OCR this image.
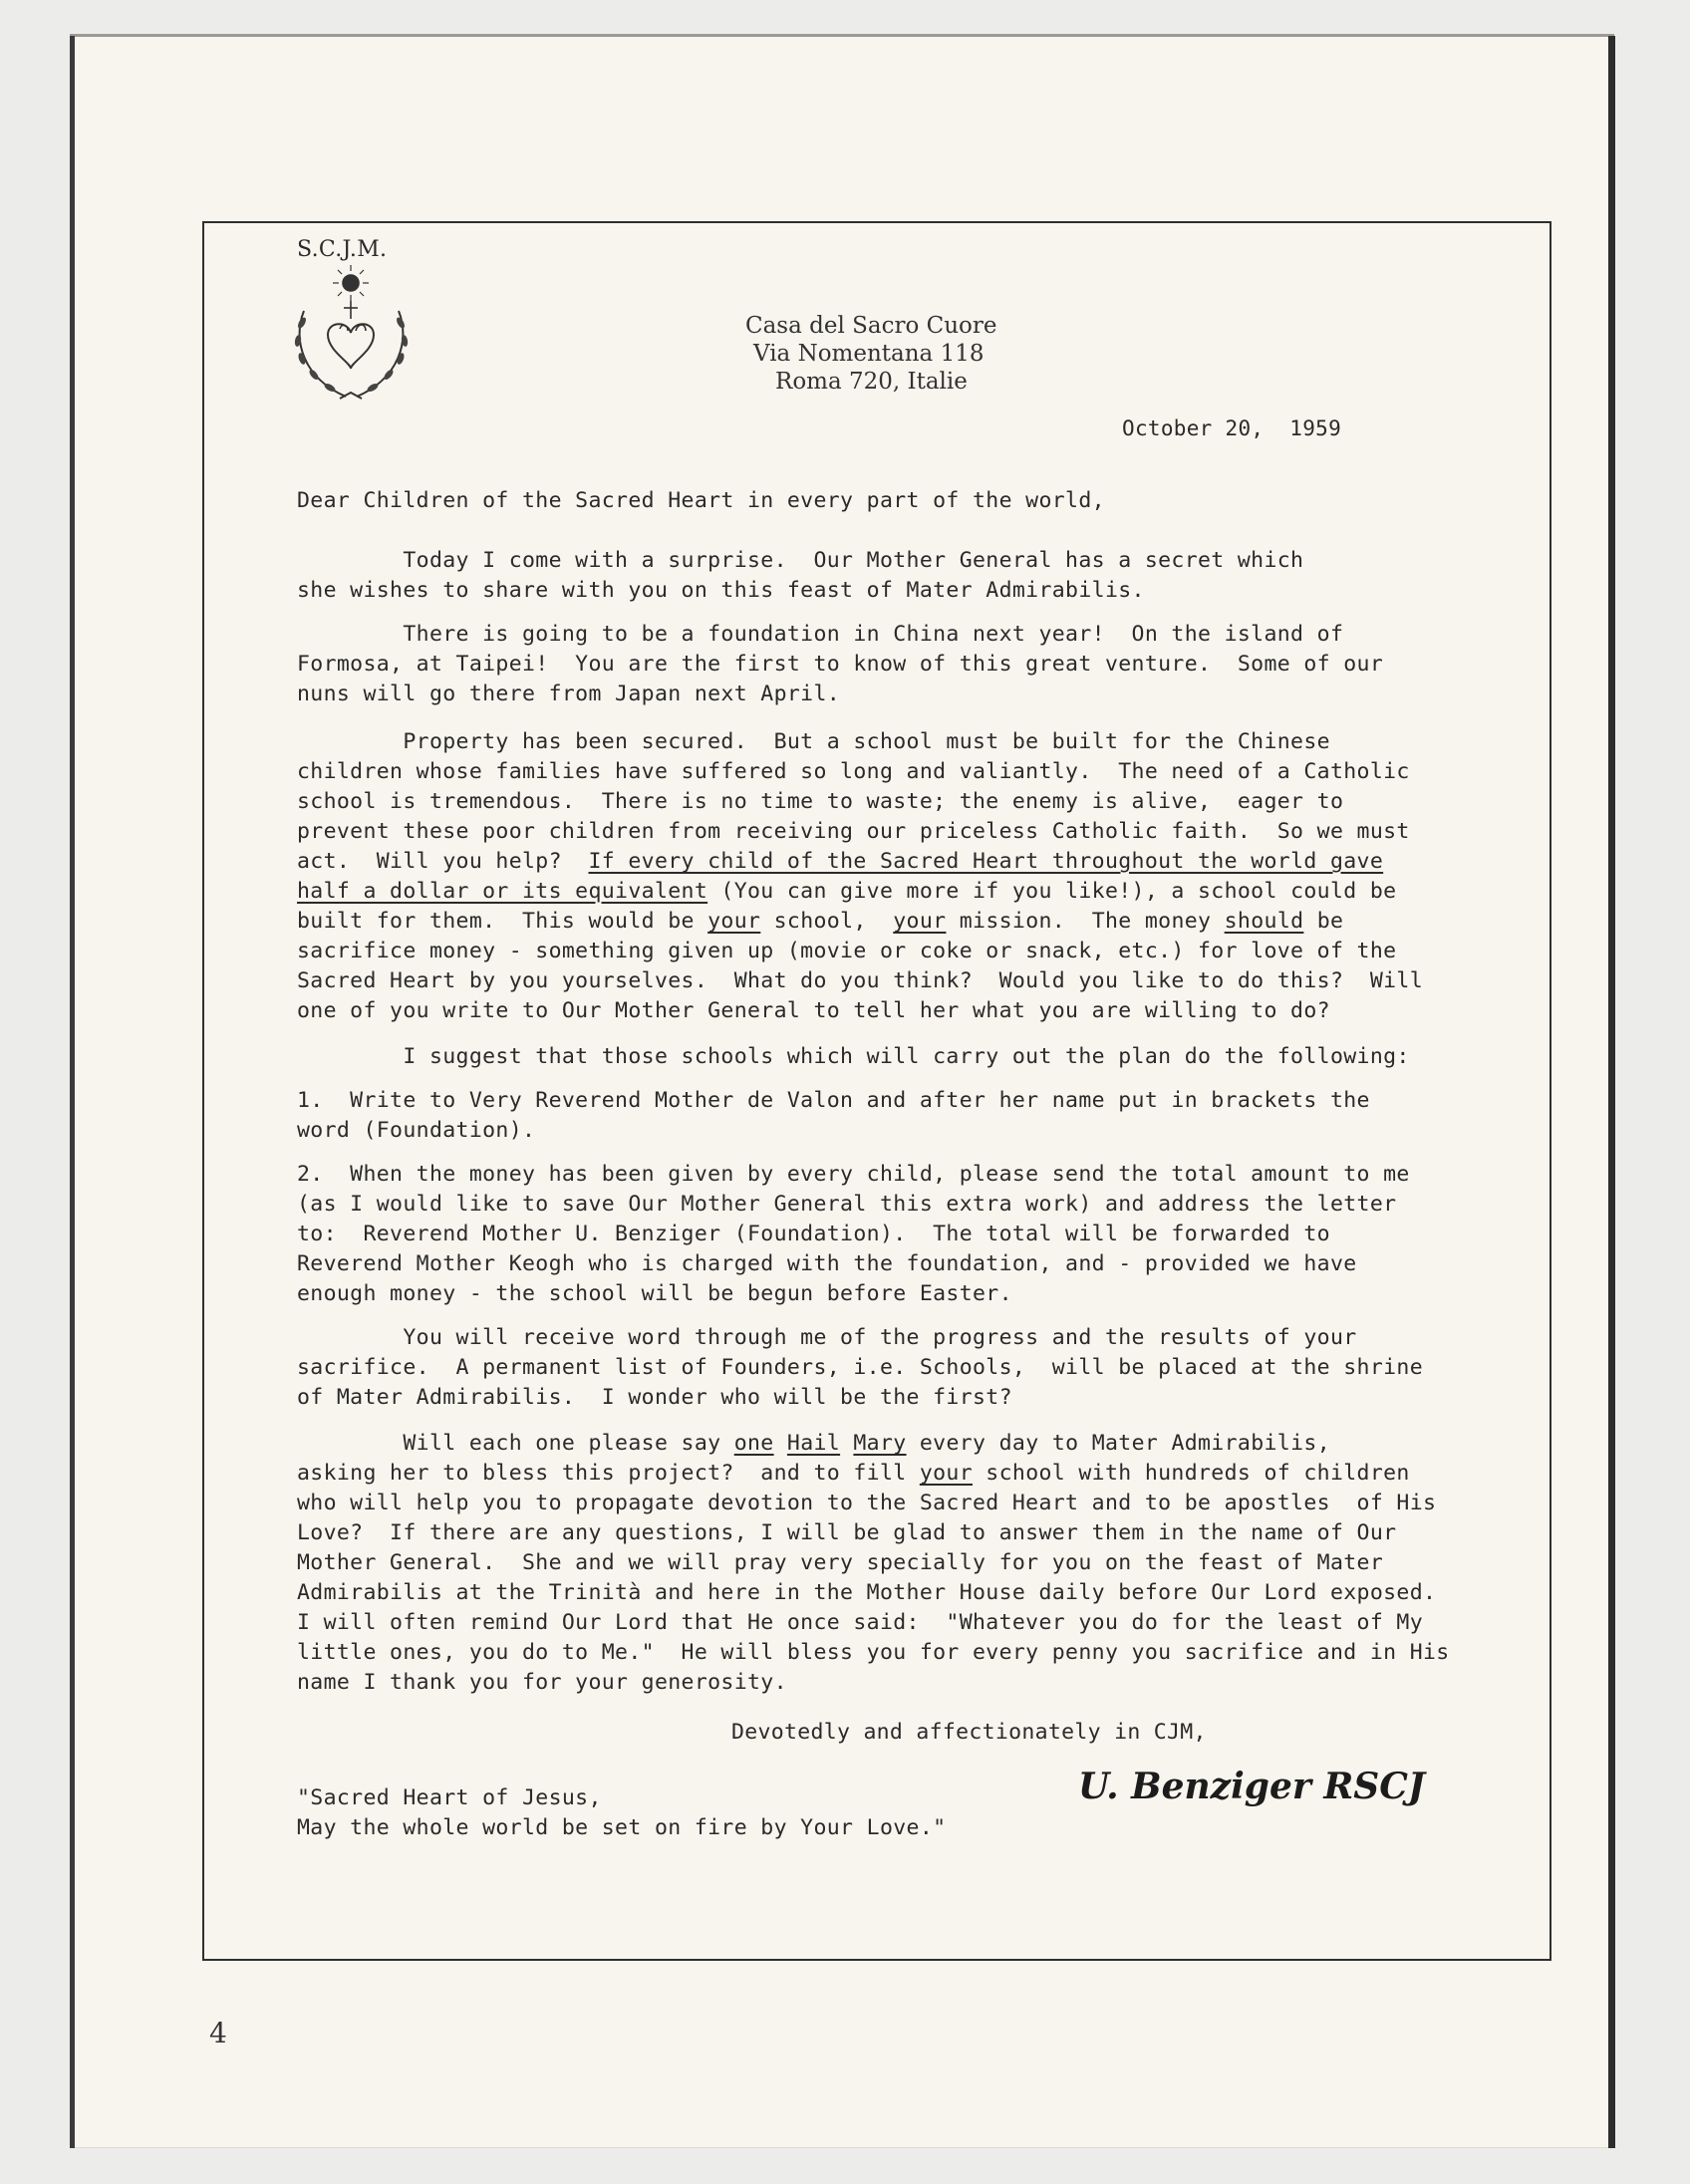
S.C.J.M.

Casa del Sacro Cuore

Via Nomentana 118

Roma 720, Italie

October 20,  1959

Dear Children of the Sacred Heart in every part of the world,

Today I come with a surprise.  Our Mother General has a secret which

she wishes to share with you on this feast of Mater Admirabilis.

There is going to be a foundation in China next year!  On the island of

Formosa, at Taipei!  You are the first to know of this great venture.  Some of our

nuns will go there from Japan next April.

Property has been secured.  But a school must be built for the Chinese

children whose families have suffered so long and valiantly.  The need of a Catholic

school is tremendous.  There is no time to waste; the enemy is alive,  eager to

prevent these poor children from receiving our priceless Catholic faith.  So we must

act.  Will you help?  If every child of the Sacred Heart throughout the world gave

half a dollar or its equivalent (You can give more if you like!), a school could be

built for them.  This would be your school,  your mission.  The money should be

sacrifice money - something given up (movie or coke or snack, etc.) for love of the

Sacred Heart by you yourselves.  What do you think?  Would you like to do this?  Will

one of you write to Our Mother General to tell her what you are willing to do?

I suggest that those schools which will carry out the plan do the following:

1.  Write to Very Reverend Mother de Valon and after her name put in brackets the

word (Foundation).

2.  When the money has been given by every child, please send the total amount to me

(as I would like to save Our Mother General this extra work) and address the letter

to:  Reverend Mother U. Benziger (Foundation).  The total will be forwarded to

Reverend Mother Keogh who is charged with the foundation, and - provided we have

enough money - the school will be begun before Easter.

You will receive word through me of the progress and the results of your

sacrifice.  A permanent list of Founders, i.e. Schools,  will be placed at the shrine

of Mater Admirabilis.  I wonder who will be the first?

Will each one please say one Hail Mary every day to Mater Admirabilis,

asking her to bless this project?  and to fill your school with hundreds of children

who will help you to propagate devotion to the Sacred Heart and to be apostles  of His

Love?  If there are any questions, I will be glad to answer them in the name of Our

Mother General.  She and we will pray very specially for you on the feast of Mater

Admirabilis at the Trinità and here in the Mother House daily before Our Lord exposed.

I will often remind Our Lord that He once said:  "Whatever you do for the least of My

little ones, you do to Me."  He will bless you for every penny you sacrifice and in His

name I thank you for your generosity.

Devotedly and affectionately in CJM,

"Sacred Heart of Jesus,

May the whole world be set on fire by Your Love."

U. Benziger RSCJ
4
